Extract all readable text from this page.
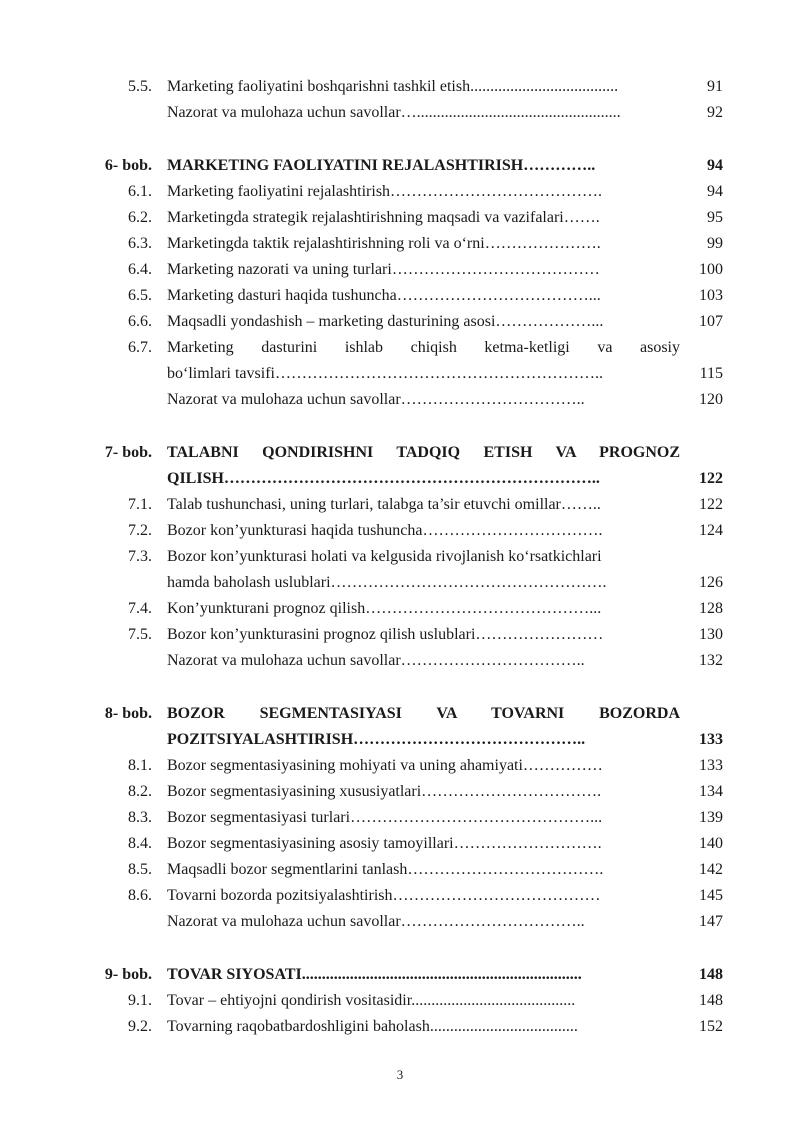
5.5. Marketing faoliyatini boshqarishni tashkil etish.....................................	91
Nazorat va mulohaza uchun savollar…...................................................	92
6- bob. MARKETING FAOLIYATINI REJALASHTIRISH…………..	94
6.1. Marketing faoliyatini rejalashtirish………………………………….	94
6.2. Marketingda strategik rejalashtirishning maqsadi va vazifalari…….	95
6.3. Marketingda taktik rejalashtirishning roli va oʻrni………………….	99
6.4. Marketing nazorati va uning turlari…………………………………	100
6.5. Marketing dasturi haqida tushuncha………………………………...	103
6.6. Maqsadli yondashish – marketing dasturining asosi………………...	107
6.7. Marketing dasturini ishlab chiqish ketma-ketligi va asosiy
boʻlimlari tavsifi……………………………………………………..	115
Nazorat va mulohaza uchun savollar……………………………..	120
7- bob. TALABNI QONDIRISHNI TADQIQ ETISH VA PROGNOZ
QILISH……………………………………………………………..	122
7.1. Talab tushunchasi, uning turlari, talabga ta’sir etuvchi omillar……..	122
7.2. Bozor kon’yunkturasi haqida tushuncha…………………………….	124
7.3. Bozor kon’yunkturasi holati va kelgusida rivojlanish koʻrsatkichlari
hamda baholash uslublari…………………………………………….	126
7.4. Kon’yunkturani prognoz qilish……………………………………...	128
7.5. Bozor kon’yunkturasini prognoz qilish uslublari……………………	130
Nazorat va mulohaza uchun savollar……………………………..	132
8- bob. BOZOR SEGMENTASIYASI VA TOVARNI BOZORDA
POZITSIYALASHTIRISH……………………………………..	133
8.1. Bozor segmentasiyasining mohiyati va uning ahamiyati……………	133
8.2. Bozor segmentasiyasining xususiyatlari…………………………….	134
8.3. Bozor segmentasiyasi turlari………………………………………...	139
8.4. Bozor segmentasiyasining asosiy tamoyillari……………………….	140
8.5. Maqsadli bozor segmentlarini tanlash……………………………….	142
8.6. Tovarni bozorda pozitsiyalashtirish…………………………………	145
Nazorat va mulohaza uchun savollar……………………………..	147
9- bob. TOVAR SIYOSATI......................................................................	148
9.1. Tovar – ehtiyojni qondirish vositasidir.........................................	148
9.2. Tovarning raqobatbardoshligini baholash.....................................	152
3
